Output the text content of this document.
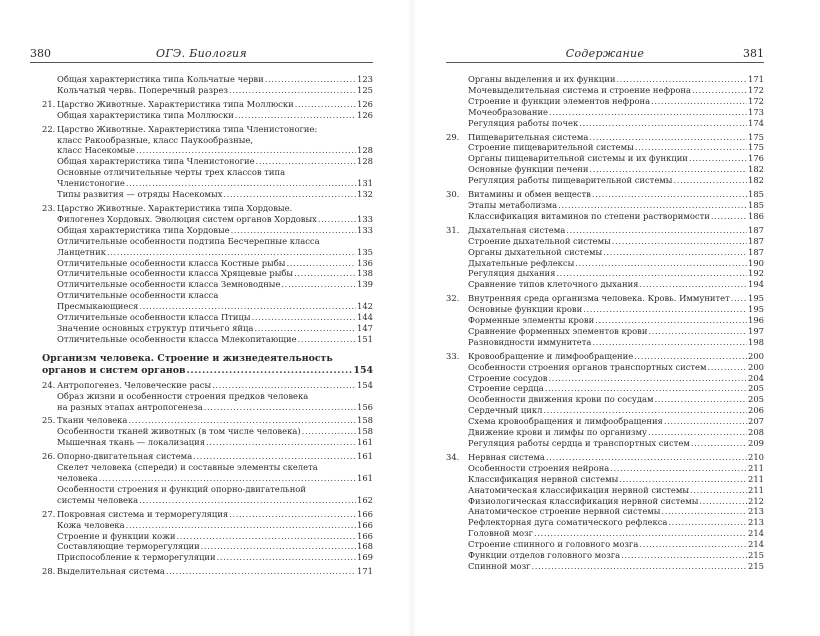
380	ОГЭ. Биология
Общая характеристика типа Кольчатые черви .....	123
Кольчатый червь. Поперечный разрез .....	125
21. Царство Животные. Характеристика типа Моллюски .....	126
Общая характеристика типа Моллюски .....	126
22. Царство Животные. Характеристика типа Членистоногие:
класс Ракообразные, класс Паукообразные,
класс Насекомые .....	128
Общая характеристика типа Членистоногие .....	128
Основные отличительные черты трех классов типа
Членистоногие .....	131
Типы развития — отряды Насекомых .....	132
23. Царство Животные. Характеристика типа Хордовые.
Филогенез Хордовых. Эволюция систем органов Хордовых .....	133
Общая характеристика типа Хордовые .....	133
Отличительные особенности подтипа Бесчерепные класса
Ланцетник .....	135
Отличительные особенности класса Костные рыбы .....	136
Отличительные особенности класса Хрящевые рыбы .....	138
Отличительные особенности класса Земноводные .....	139
Отличительные особенности класса
Пресмыкающиеся .....	142
Отличительные особенности класса Птицы .....	144
Значение основных структур птичьего яйца .....	147
Отличительные особенности класса Млекопитающие .....	151
Организм человека. Строение и жизнедеятельность
органов и систем органов .....	154
24. Антропогенез. Человеческие расы .....	154
Образ жизни и особенности строения предков человека
на разных этапах антропогенеза .....	156
25. Ткани человека .....	158
Особенности тканей животных (в том числе человека) .....	158
Мышечная ткань — локализация .....	161
26. Опорно-двигательная система .....	161
Скелет человека (спереди) и составные элементы скелета
человека .....	161
Особенности строения и функций опорно-двигательной
системы человека .....	162
27. Покровная система и терморегуляция .....	166
Кожа человека .....	166
Строение и функции кожи .....	166
Составляющие терморегуляции .....	168
Приспособление к терморегуляции .....	169
28. Выделительная система .....	171
Содержание	381
Органы выделения и их функции .....	171
Мочевыделительная система и строение нефрона .....	172
Строение и функции элементов нефрона .....	172
Мочеобразование .....	173
Регуляция работы почек .....	174
29. Пищеварительная система .....	175
Строение пищеварительной системы .....	175
Органы пищеварительной системы и их функции .....	176
Основные функции печени .....	182
Регуляция работы пищеварительной системы .....	182
30. Витамины и обмен веществ .....	185
Этапы метаболизма .....	185
Классификация витаминов по степени растворимости .....	186
31. Дыхательная система .....	187
Строение дыхательной системы .....	187
Органы дыхательной системы .....	187
Дыхательные рефлексы .....	190
Регуляция дыхания .....	192
Сравнение типов клеточного дыхания .....	194
32. Внутренняя среда организма человека. Кровь. Иммунитет ..... 195
Основные функции крови .....	195
Форменные элементы крови .....	196
Сравнение форменных элементов крови .....	197
Разновидности иммунитета .....	198
33. Кровообращение и лимфообращение .....	200
Особенности строения органов транспортных систем .....	200
Строение сосудов .....	204
Строение сердца .....	205
Особенности движения крови по сосудам .....	205
Сердечный цикл .....	206
Схема кровообращения и лимфообращения .....	207
Движение крови и лимфы по организму .....	208
Регуляция работы сердца и транспортных систем .....	209
34. Нервная система .....	210
Особенности строения нейрона .....	211
Классификация нервной системы .....	211
Анатомическая классификация нервной системы .....	211
Физиологическая классификация нервной системы .....	212
Анатомическое строение нервной системы .....	213
Рефлекторная дуга соматического рефлекса .....	213
Головной мозг .....	214
Строение спинного и головного мозга .....	214
Функции отделов головного мозга .....	215
Спинной мозг .....	215
